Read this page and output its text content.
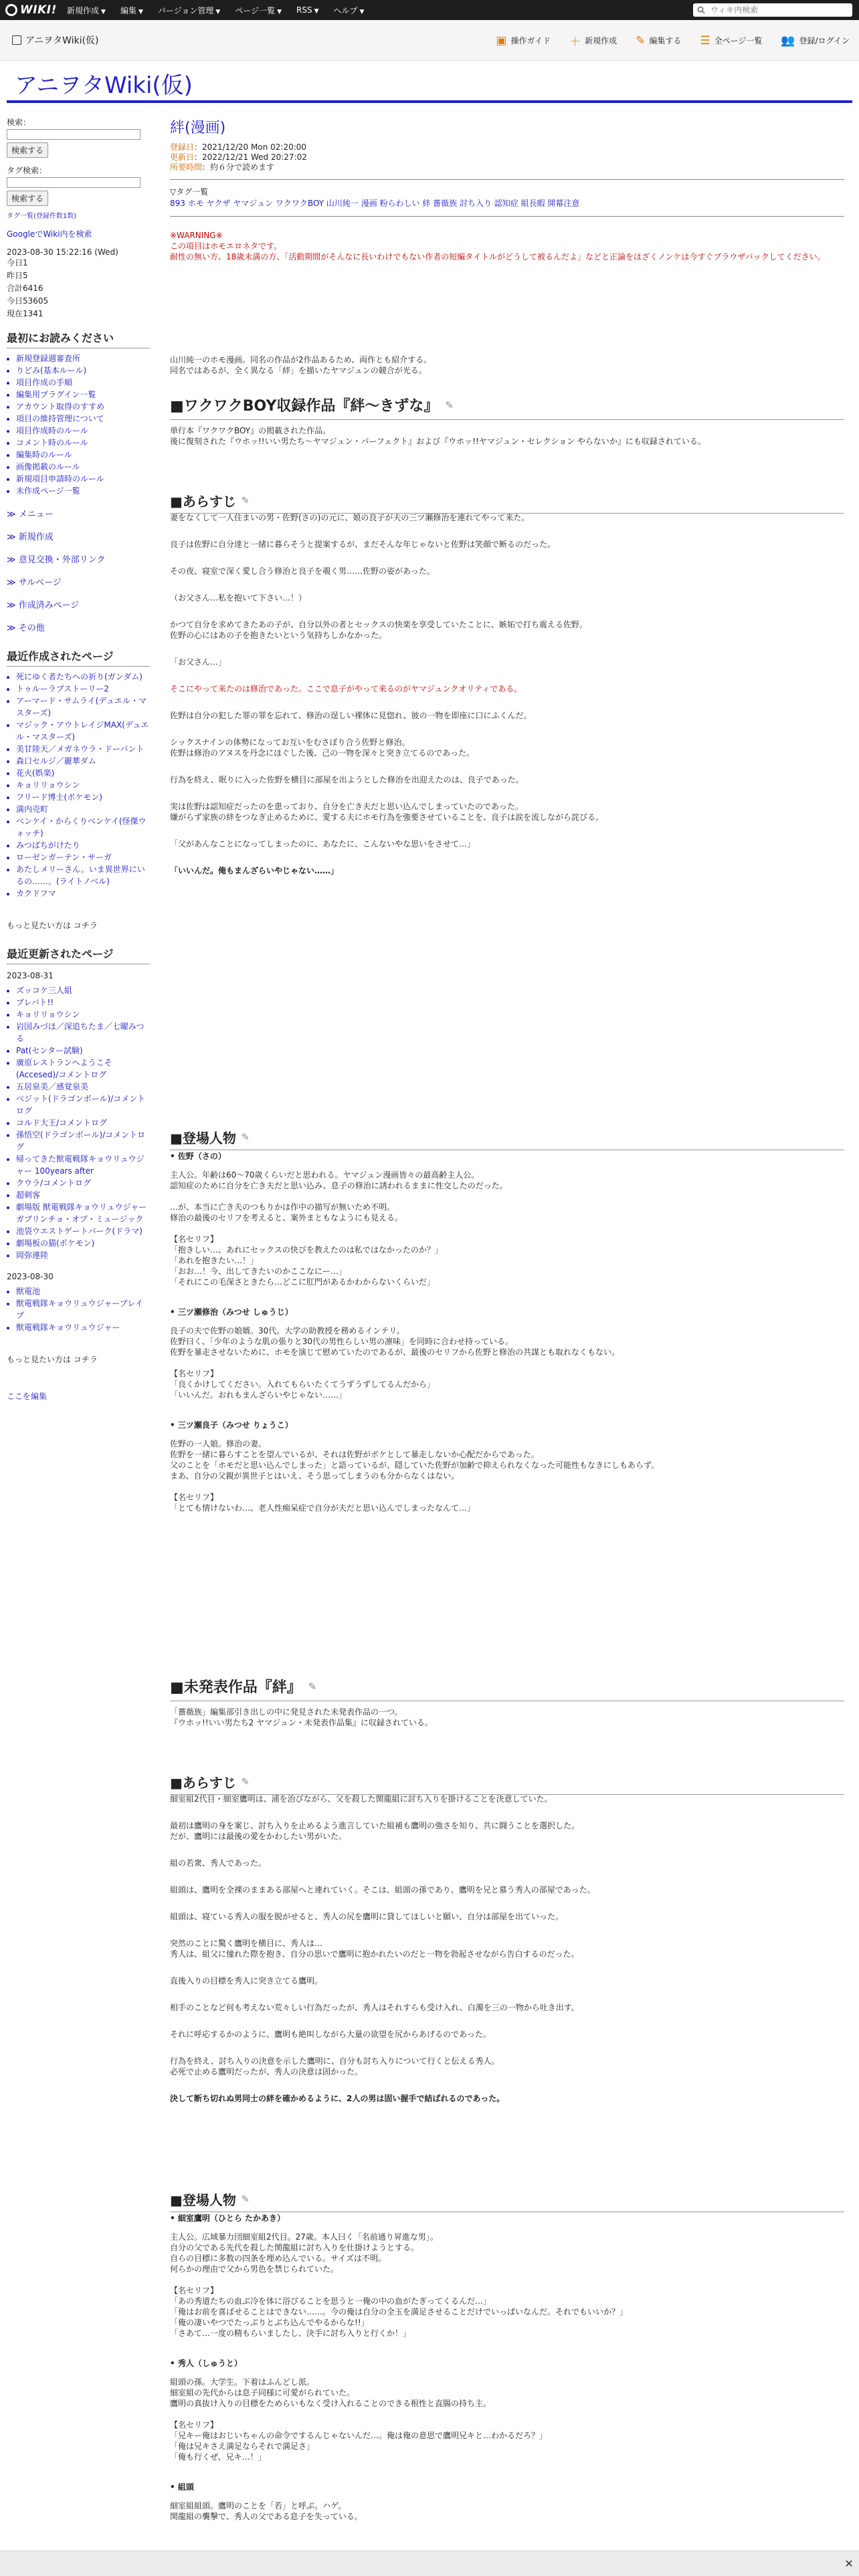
WIKI! 新規作成 ▼ 編集 ▼ バージョン管理 ▼ ページ一覧 ▼ RSS ▼ ヘルプ ▼
ウィキ内検索
アニヲタWiki(仮)	▣ 操作ガイド ＋ 新規作成 ✎ 編集する ☰ 全ページ一覧 👥 登録/ログイン
アニヲタWiki(仮)
検索：
検索する
タグ検索：
検索する
タグ一覧(登録件数1数)
GoogleでWiki内を検索
2023-08-30 15:22:16 (Wed)
今日1
昨日5
合計6416
今日53605
現在1341
最初にお読みください
• 新規登録週審査所
• りどみ(基本ルール)
• 項目作成の手順
• 編集用プラグイン一覧
• アカウント取得のすすめ
• 項目の維持管理について
• 項目作成時のルール
• コメント時のルール
• 編集時のルール
• 画像掲載のルール
• 新規項目申請時のルール
• 未作成ページ一覧
≫ メニュー
≫ 新規作成
≫ 意見交換・外部リンク
≫ サルベージ
≫ 作成済みページ
≫ その他
最近作成されたページ
• 死にゆく者たちへの祈り(ガンダム)
• トゥルーラブストーリー2
• アーマード・サムライ(デュエル・マスターズ)
• マジック・アウトレイジMAX(デュエル・マスターズ)
• 美甘陸天／メガネウラ・ドーパント
• 森口セルジ／麗華ダム
• 花火(娯楽)
• キョリリョウシン
• フリード博士(ポケモン)
• 満内売町
• ベンケイ・からくりベンケイ(怪傑ウォッチ)
• みつばちがけたり
• ローゼンガーテン・サーガ
• あたしメリーさん。いま異世界にいるの……。(ライトノベル)
• カクドフマ
もっと見たい方は コチラ
最近更新されたページ
2023-08-31
• ズッコケ三人組
• ブレバト!!
• キョリリョウシン
• 岩国みづほ／深追ちたま／七曜みつる
• Pat(センター試験)
• 廣原レストランへようこそ(Accesed)/コメントログ
• 五居泉美／感覚泉美
• ベジット(ドラゴンボール)/コメントログ
• コルド大王/コメントログ
• 孫悟空(ドラゴンボール)/コメントログ
• 帰ってきた獣電戦隊キョウリュウジャー 100years after
• クウラ/コメントログ
• 超刺客
• 劇場版 獣電戦隊キョウリュウジャー ガブリンチョ・オブ・ミュージック
• 池袋ウエストゲートパーク(ドラマ)
• 劇場板の猫(ポケモン)
• 岡弥連陸
2023-08-30
• 獣電池
• 獣電戦隊キョウリュウジャーブレイブ
• 獣電戦隊キョウリュウジャー
もっと見たい方は コチラ
ここを編集
絆(漫画)
登録日：2021/12/20 Mon 02:20:00
更新日：2022/12/21 Wed 20:27:02
所要時間：約６分で読めます
▽タグ一覧
893 ホモ ヤクザ ヤマジュン ワクワクBOY 山川純一 漫画 粉らわしい 絆 薔薇族 討ち入り 認知症 組長暇 開幕注意
※WARNING※
この項目はホモエロネタです。
耐性の無い方、18歳未満の方、「活動期間がそんなに長いわけでもない作者の短編タイトルがどうして被るんだよ」などと正論をほざくノンケは今すぐブラウザバックしてください。

山川純一のホモ漫画。同名の作品が2作品あるため、両作とも紹介する。

同名ではあるが、全く異なる「絆」を描いたヤマジュンの競合が光る。

■ワクワクBOY収録作品『絆〜きずな』 ✎

単行本『ワクワクBOY』の掲載された作品。

後に復刻された『ウホッ!!いい男たち〜ヤマジュン・パーフェクト』および『ウホッ!!ヤマジュン・セレクション やらないか』にも収録されている。

■あらすじ ✎

妻をなくして一人住まいの男・佐野(さの)の元に、娘の良子が夫の三ツ瀬修治を連れてやって来た。

良子は佐野に自分達と一緒に暮らそうと提案するが、まだそんな年じゃないと佐野は笑顔で断るのだった。

その夜、寝室で深く愛し合う修治と良子を覗く男……佐野の姿があった。

（お父さん…私を抱いて下さい…！）

かつて自分を求めてきたあの子が、自分以外の者とセックスの快楽を享受していたことに、嫉妬で打ち震える佐野。

佐野の心にはあの子を抱きたいという気持ちしかなかった。

「お父さん…」

そこにやって来たのは修治であった。ここで息子がやって来るのがヤマジュンクオリティである。

佐野は自分の犯した罪の罪を忘れて、修治の逞しい裸体に見惚れ、彼の一物を即座に口にふくんだ。

シックスナインの体勢になってお互いをむさぼり合う佐野と修治。

佐野は修治のアヌスを丹念にほぐした後、己の一物を深々と突き立てるのであった。

行為を終え、眠りに入った佐野を横目に部屋を出ようとした修治を出迎えたのは、良子であった。

実は佐野は認知症だったのを患っており、自分を亡き夫だと思い込んでしまっていたのであった。

嫌がらず家族の絆をつなぎ止めるために、愛する夫にホモ行為を強要させていることを、良子は涙を流しながら詫びる。

「父があんなことになってしまったのに、あなたに、こんないやな思いをさせて…」

「いいんだ。俺もまんざらいやじゃない……」

■登場人物 ✎
• 佐野（さの）

主人公。年齢は60〜70歳くらいだと思われる。ヤマジュン漫画皆々の最高齢主人公。

認知症のために自分を亡き夫だと思い込み、息子の修治に誘われるままに性交したのだった。

…が、本当に亡き夫のつもりかは作中の描写が無いため不明。

修治の最後のセリフを考えると、案外まともなようにも見える。

【名セリフ】

「抱きしい…、あれにセックスの快びを教えたのは私ではなかったのか？」

「あれを抱きたい…！」

「おお…！今、出してきたいのかここなにー…」

「それにこの毛深さときたら…どこに肛門があるかわからないくらいだ」

• 三ツ瀬修治（みつせ しゅうじ）

良子の夫で佐野の娘婿。30代。大学の助教授を務めるインテリ。

佐野曰く、「少年のような肌の張りと30代の男性らしい男の凛味」を同時に合わせ持っている。

佐野を暴走させないために、ホモを演じて慰めていたのであるが、最後のセリフから佐野と修治の共謀とも取れなくもない。

【名セリフ】

「良くかけしてください。入れてもらいたくてうずうずしてるんだから」

「いいんだ。おれもまんざらいやじゃない……」

• 三ツ瀬良子（みつせ りょうこ）

佐野の一人娘。修治の妻。

佐野を一緒に暮らすことを望んでいるが、それは佐野がボケとして暴走しないか心配だからであった。

父のことを「ホモだと思い込んでしまった」と語っているが、隠していた佐野が加齢で抑えられなくなった可能性もなきにしもあらず。

まあ、自分の父親が異世子とはいえ、そう思ってしまうのも分からなくはない。

【名セリフ】

「とても情けないわ…、老人性痴呆症で自分が夫だと思い込んでしまったなんて…」

■未発表作品『絆』 ✎

「薔薇族」編集部引き出しの中に発見された未発表作品の一つ。

『ウホッ!!いい男たち2 ヤマジュン・未発表作品集』に収録されている。

■あらすじ ✎

細室組2代目・細室鷹明は、浦を治びながら、父を殺した関龍組に討ち入りを掛けることを決意していた。

最初は鷹明の身を案じ、討ち入りを止めるよう進言していた組補も鷹明の強さを知り、共に闘うことを選択した。

だが、鷹明には最後の愛をかわしたい男がいた。

組の若衆、秀人であった。

組頭は、鷹明を全裸のままある部屋へと連れていく。そこは、組頭の孫であり、鷹明を兄と慕う秀人の部屋であった。

組頭は、寝ている秀人の服を脱がせると、秀人の尻を鷹明に貸してほしいと願い、自分は部屋を出ていった。

突然のことに驚く鷹明を横目に、秀人は…

秀人は、組父に憧れた際を抱き、自分の思いで鷹明に抱かれたいのだと一物を勃起させながら告白するのだった。

直後入りの目標を秀人に突き立てる鷹明。

相手のことなど何も考えない荒々しい行為だったが、秀人はそれすらも受け入れ、白濁を三の一物から吐き出す。

それに呼応するかのように、鷹明も絶叫しながら大量の欲望を尻からあげるのであった。

行為を終え、討ち入りの決意を示した鷹明に、自分も討ち入りについて行くと伝える秀人。

必死で止める鷹明だったが、秀人の決意は固かった。

決して断ち切れぬ男同士の絆を確かめるように、2人の男は固い握手で結ばれるのであった。

■登場人物 ✎
• 細室鷹明（ひとら たかあき）

主人公。広域暴力団細室組2代目。27歳。本人曰く「名前通り昇進な男」。

自分の父である先代を殺した関龍組に討ち入りを仕掛けようとする。

自らの目標に多数の四条を埋め込んでいる。サイズは不明。

何らかの理由で父から男色を禁じられていた。

【名セリフ】

「あの秀道たちの血ぶ冷を体に浴びることを思うと一俺の中の血がたぎってくるんだ…」

「俺はお前を喜ばせることはできない……。今の俺は自分の全玉を満足させることだけでいっぱいなんだ。それでもいいか？」

「俺の凄いやつでたっぷりとぶち込んでやるからな!!」

「さあて…一度の精もらいましたし、決手に討ち入りと行くか！」

• 秀人（しゅうと）

組頭の孫。大学生。下着はふんどし派。

細室組の先代からは息子同様に可愛がられていた。

鷹明の真抜け入りの目標をためらいもなく受け入れることのできる根性と直腸の持ち主。

【名セリフ】

「兄キー俺はおじいちゃんの命令でするんじゃないんだ…。俺は俺の意思で鷹明兄キと…わかるだろ？」

「俺は兄キさえ満足ならそれで満足さ」

「俺も行くぜ、兄キ…！」

• 組頭

細室組組頭。鷹明のことを「若」と呼ぶ。ハゲ。

関龍組の襲撃で、秀人の父である息子を失っている。

✕
